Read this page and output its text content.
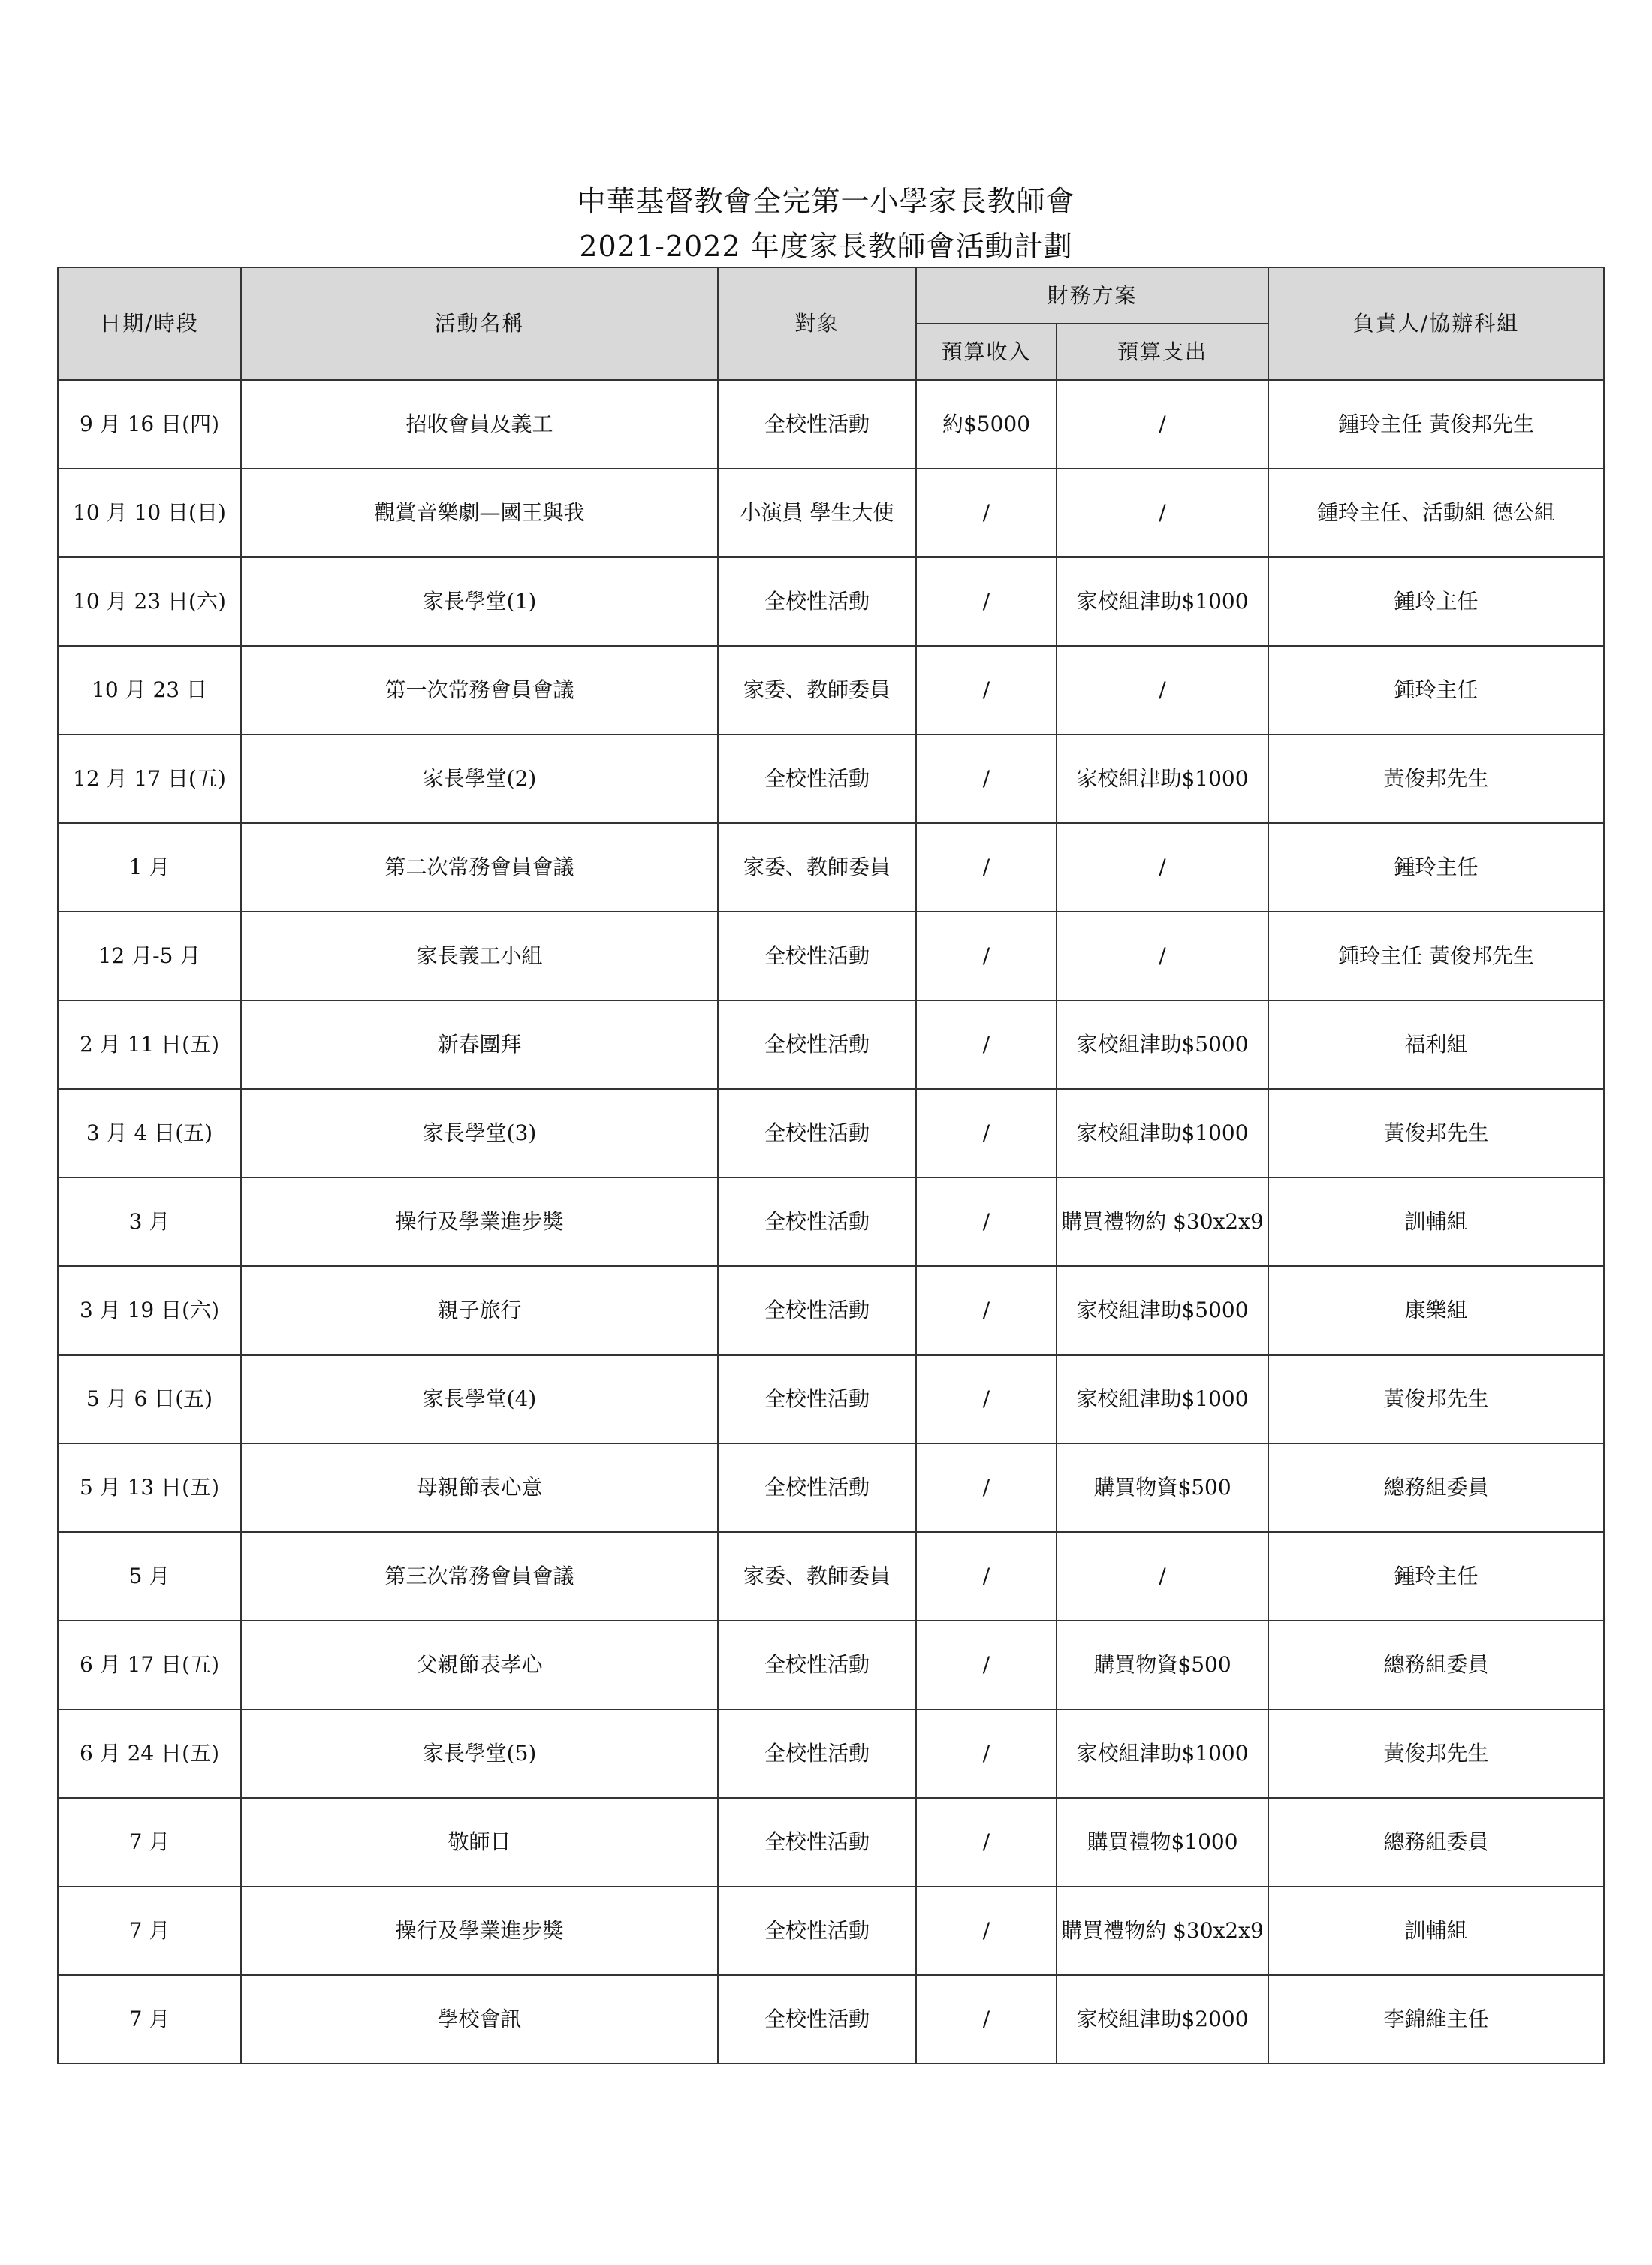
中華基督教會全完第一小學家長教師會
2021-2022 年度家長教師會活動計劃
日期/時段	活動名稱	對象	財務方案		負責人/協辦科組
			預算收入	預算支出	
9 月 16 日(四)	招收會員及義工	全校性活動	約$5000	/	鍾玲主任 黃俊邦先生
10 月 10 日(日)	觀賞音樂劇—國王與我	小演員 學生大使	/	/	鍾玲主任、活動組 德公組
10 月 23 日(六)	家長學堂(1)	全校性活動	/	家校組津助$1000	鍾玲主任
10 月 23 日	第一次常務會員會議	家委、教師委員	/	/	鍾玲主任
12 月 17 日(五)	家長學堂(2)	全校性活動	/	家校組津助$1000	黃俊邦先生
1 月	第二次常務會員會議	家委、教師委員	/	/	鍾玲主任
12 月-5 月	家長義工小組	全校性活動	/	/	鍾玲主任 黃俊邦先生
2 月 11 日(五)	新春團拜	全校性活動	/	家校組津助$5000	福利組
3 月 4 日(五)	家長學堂(3)	全校性活動	/	家校組津助$1000	黃俊邦先生
3 月	操行及學業進步獎	全校性活動	/	購買禮物約 $30x2x9	訓輔組
3 月 19 日(六)	親子旅行	全校性活動	/	家校組津助$5000	康樂組
5 月 6 日(五)	家長學堂(4)	全校性活動	/	家校組津助$1000	黃俊邦先生
5 月 13 日(五)	母親節表心意	全校性活動	/	購買物資$500	總務組委員
5 月	第三次常務會員會議	家委、教師委員	/	/	鍾玲主任
6 月 17 日(五)	父親節表孝心	全校性活動	/	購買物資$500	總務組委員
6 月 24 日(五)	家長學堂(5)	全校性活動	/	家校組津助$1000	黃俊邦先生
7 月	敬師日	全校性活動	/	購買禮物$1000	總務組委員
7 月	操行及學業進步獎	全校性活動	/	購買禮物約 $30x2x9	訓輔組
7 月	學校會訊	全校性活動	/	家校組津助$2000	李錦維主任
